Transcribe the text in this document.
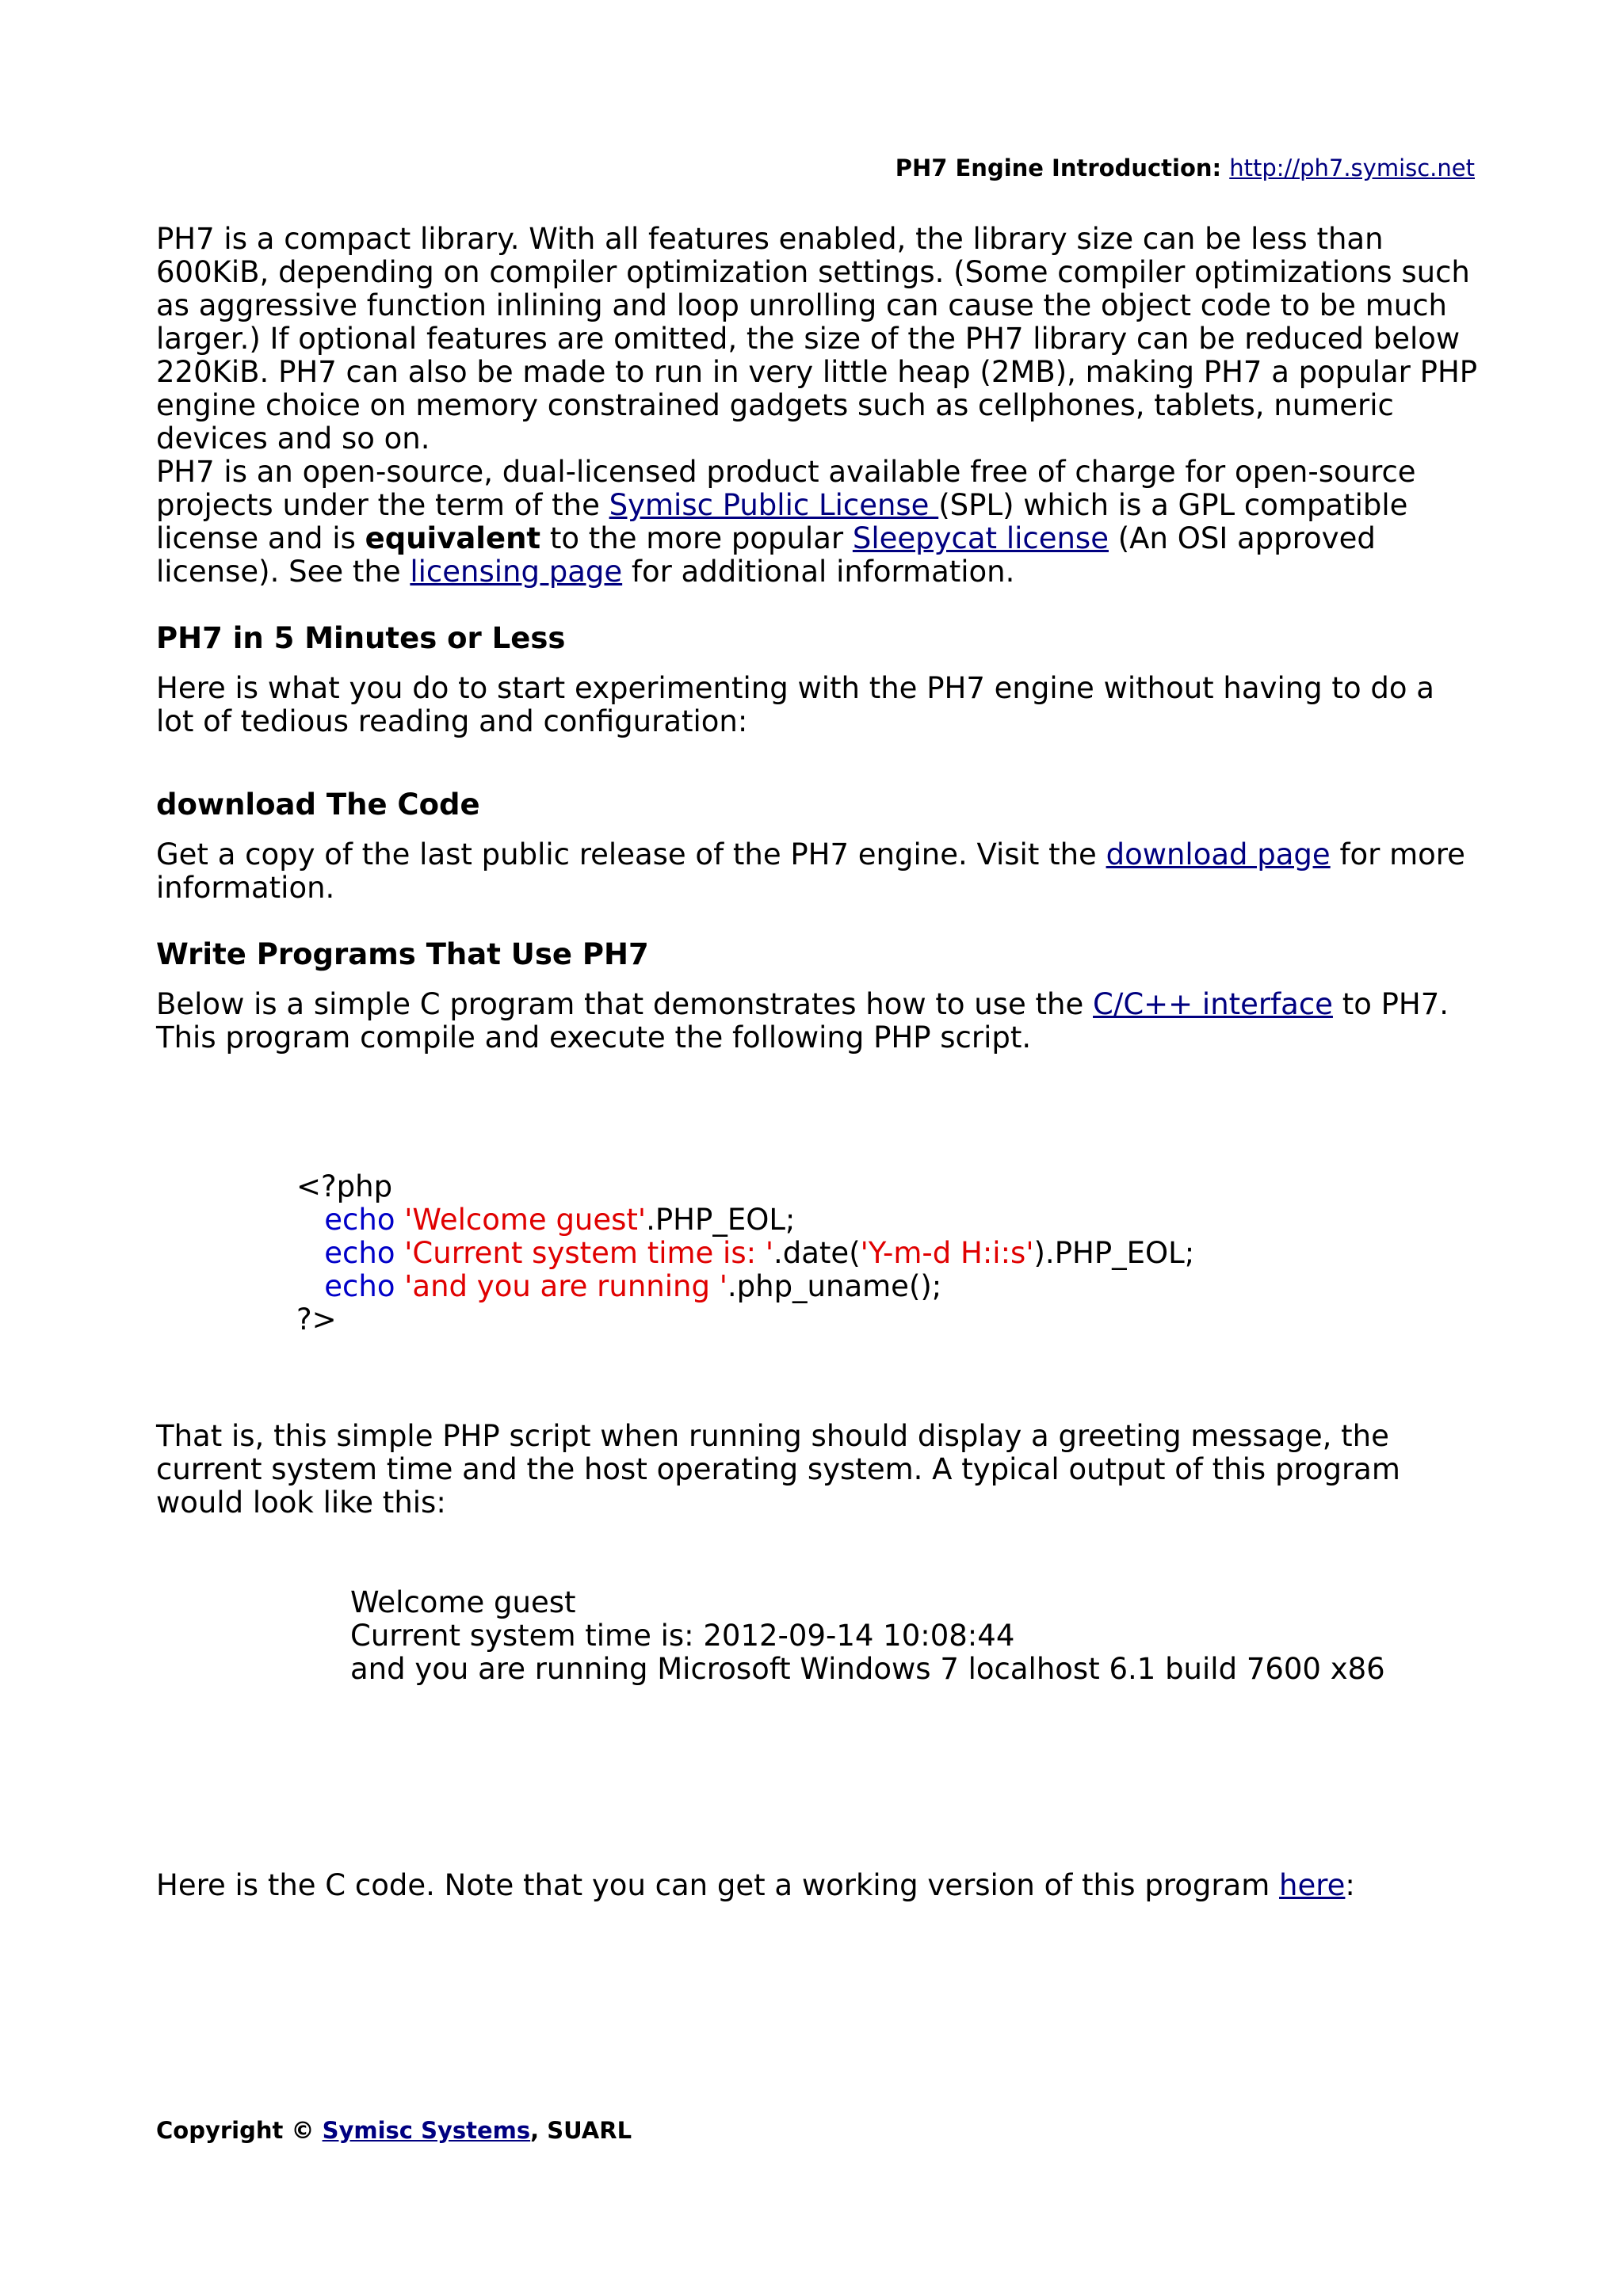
PH7 Engine Introduction: http://ph7.symisc.net

PH7 is a compact library. With all features enabled, the library size can be less than 600KiB, depending on compiler optimization settings. (Some compiler optimizations such as aggressive function inlining and loop unrolling can cause the object code to be much larger.) If optional features are omitted, the size of the PH7 library can be reduced below 220KiB. PH7 can also be made to run in very little heap (2MB), making PH7 a popular PHP engine choice on memory constrained gadgets such as cellphones, tablets, numeric devices and so on.

PH7 is an open-source, dual-licensed product available free of charge for open-source projects under the term of the Symisc Public License (SPL) which is a GPL compatible license and is equivalent to the more popular Sleepycat license (An OSI approved license). See the licensing page for additional information.

PH7 in 5 Minutes or Less

Here is what you do to start experimenting with the PH7 engine without having to do a lot of tedious reading and configuration:

download The Code

Get a copy of the last public release of the PH7 engine. Visit the download page for more information.

Write Programs That Use PH7

Below is a simple C program that demonstrates how to use the C/C++ interface to PH7. This program compile and execute the following PHP script.

<?php
echo 'Welcome guest'.PHP_EOL;
echo 'Current system time is: '.date('Y-m-d H:i:s').PHP_EOL;
echo 'and you are running '.php_uname();
?>

That is, this simple PHP script when running should display a greeting message, the current system time and the host operating system. A typical output of this program would look like this:

Welcome guest
Current system time is: 2012-09-14 10:08:44
and you are running Microsoft Windows 7 localhost 6.1 build 7600 x86

Here is the C code. Note that you can get a working version of this program here:

Copyright © Symisc Systems, SUARL
